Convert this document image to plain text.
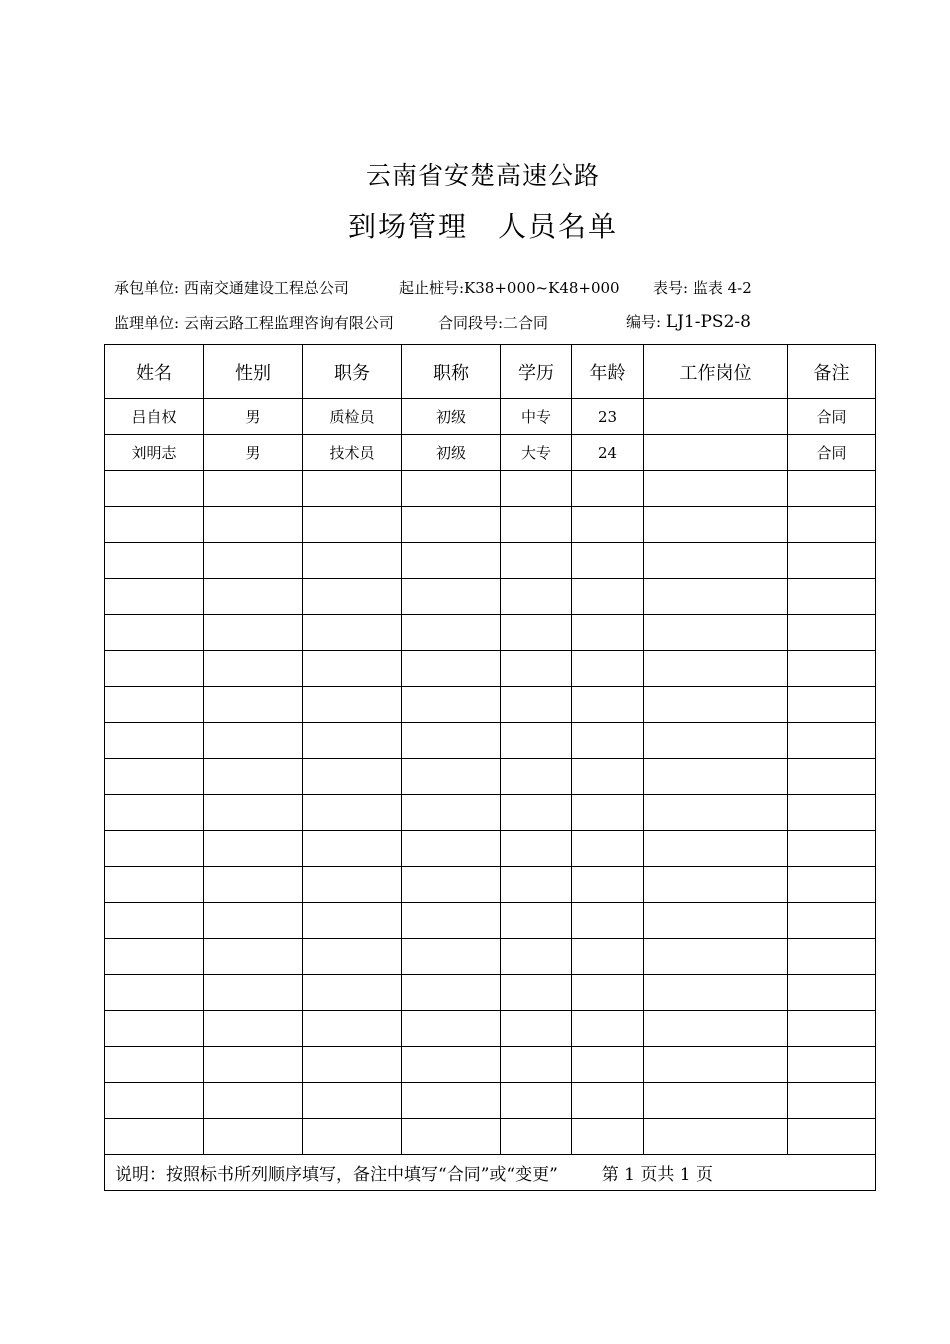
云南省安楚高速公路
到场管理　人员名单
承包单位: 西南交通建设工程总公司	起止桩号:K38+000~K48+000 表号: 监表 4-2
监理单位: 云南云路工程监理咨询有限公司	合同段号:二合同	编号: LJ1-PS2-8
姓名	性别	职务	职称	学历	年龄	工作岗位	备注
吕自权	男	质检员	初级	中专	23		合同
刘明志	男	技术员	初级	大专	24		合同

说明：按照标书所列顺序填写，备注中填写“合同”或“变更” 第 1 页共 1 页							
